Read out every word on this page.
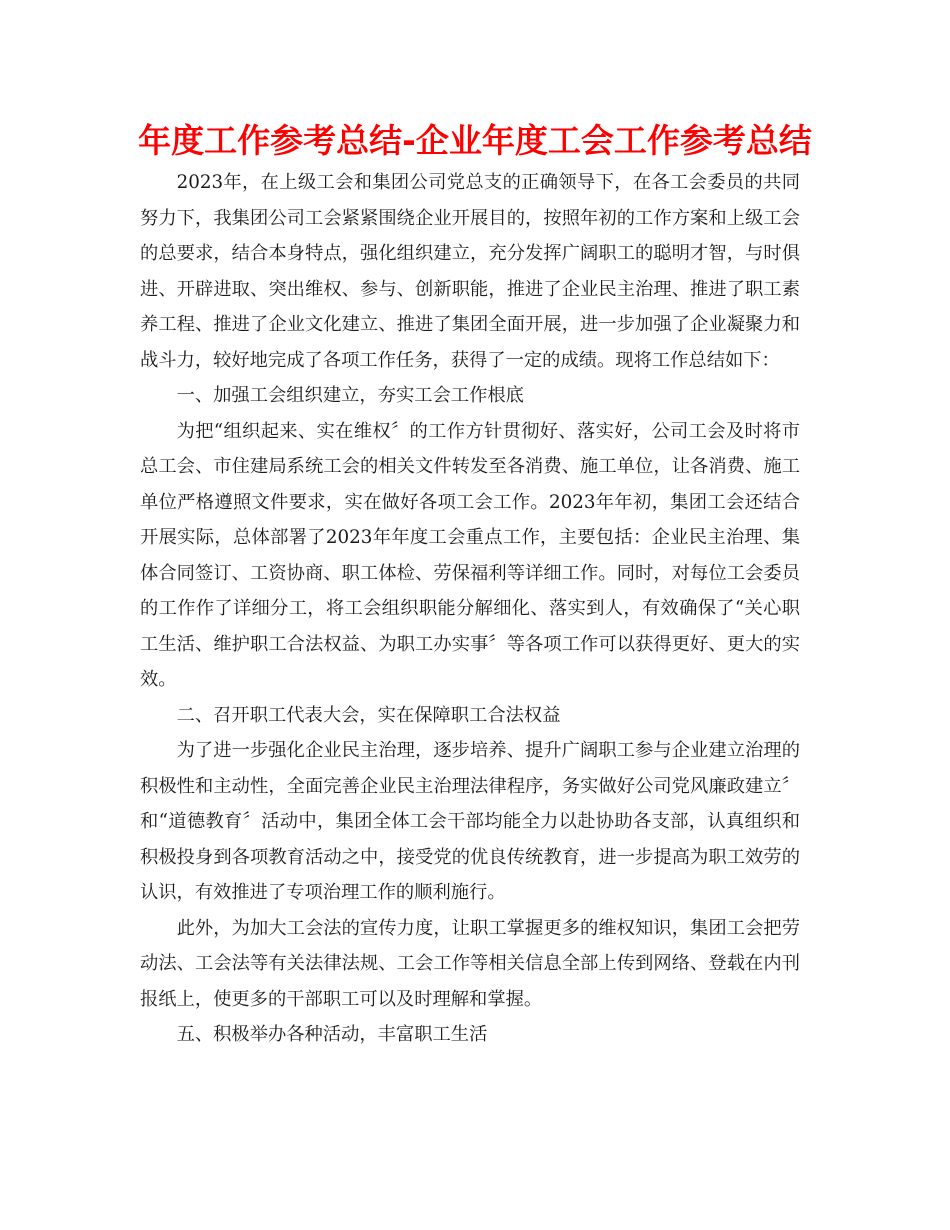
年度工作参考总结-企业年度工会工作参考总结

2023年，在上级工会和集团公司党总支的正确领导下，在各工会委员的共同努力下，我集团公司工会紧紧围绕企业开展目的，按照年初的工作方案和上级工会的总要求，结合本身特点，强化组织建立，充分发挥广阔职工的聪明才智，与时俱进、开辟进取、突出维权、参与、创新职能，推进了企业民主治理、推进了职工素养工程、推进了企业文化建立、推进了集团全面开展，进一步加强了企业凝聚力和战斗力，较好地完成了各项工作任务，获得了一定的成绩。现将工作总结如下：

一、加强工会组织建立，夯实工会工作根底

为把“组织起来、实在维权〞的工作方针贯彻好、落实好，公司工会及时将市总工会、市住建局系统工会的相关文件转发至各消费、施工单位，让各消费、施工单位严格遵照文件要求，实在做好各项工会工作。2023年年初，集团工会还结合开展实际，总体部署了2023年年度工会重点工作，主要包括：企业民主治理、集体合同签订、工资协商、职工体检、劳保福利等详细工作。同时，对每位工会委员的工作作了详细分工，将工会组织职能分解细化、落实到人，有效确保了“关心职工生活、维护职工合法权益、为职工办实事〞等各项工作可以获得更好、更大的实效。

二、召开职工代表大会，实在保障职工合法权益

为了进一步强化企业民主治理，逐步培养、提升广阔职工参与企业建立治理的积极性和主动性，全面完善企业民主治理法律程序，务实做好公司党风廉政建立〞和“道德教育〞活动中，集团全体工会干部均能全力以赴协助各支部，认真组织和积极投身到各项教育活动之中，接受党的优良传统教育，进一步提高为职工效劳的认识，有效推进了专项治理工作的顺利施行。

此外，为加大工会法的宣传力度，让职工掌握更多的维权知识，集团工会把劳动法、工会法等有关法律法规、工会工作等相关信息全部上传到网络、登载在内刊报纸上，使更多的干部职工可以及时理解和掌握。

五、积极举办各种活动，丰富职工生活
